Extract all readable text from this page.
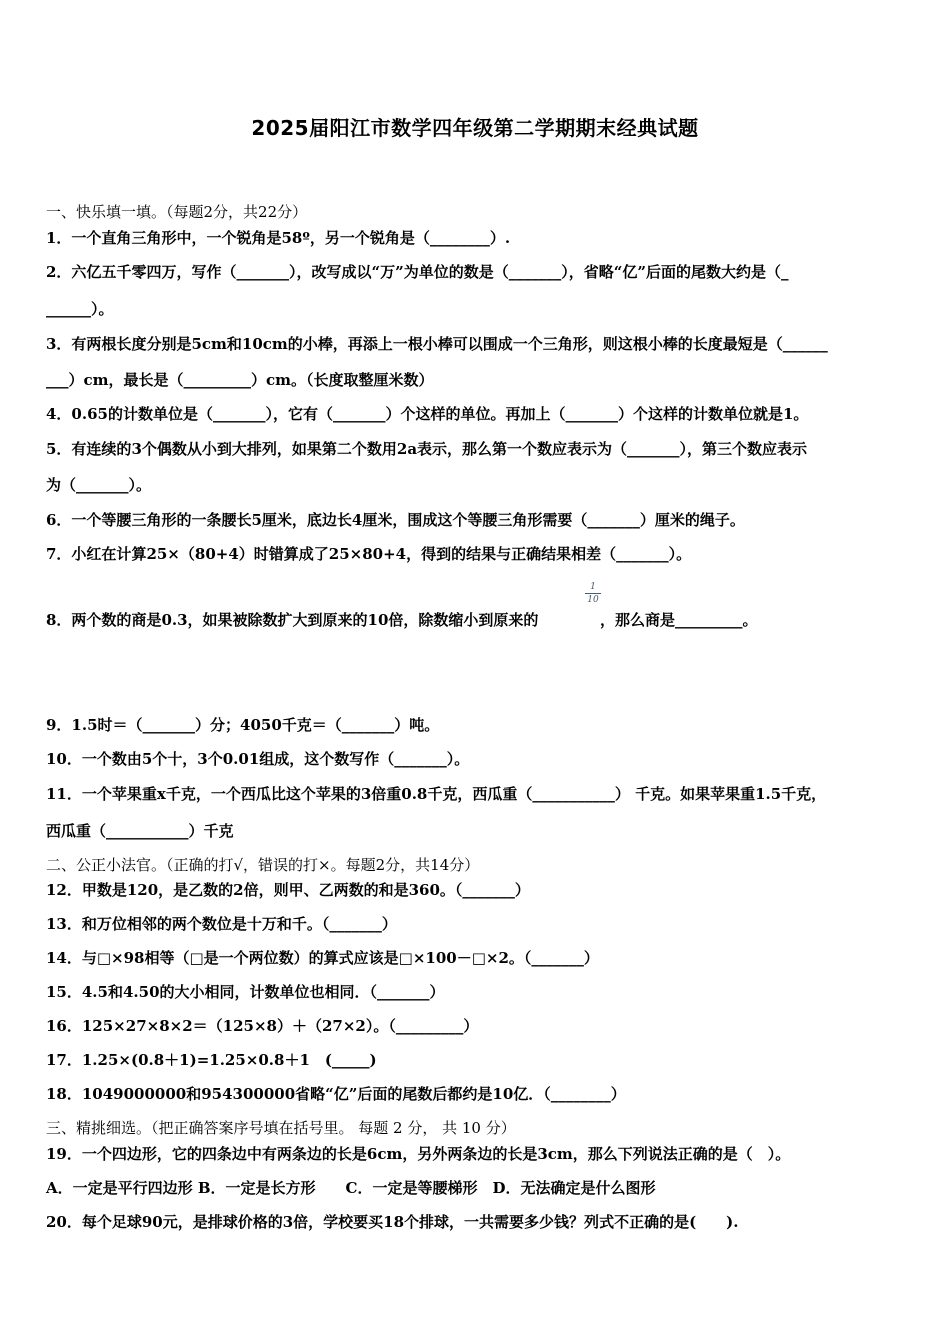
2025届阳江市数学四年级第二学期期末经典试题
一、快乐填一填。（每题2分，共22分）
1．一个直角三角形中，一个锐角是58º，另一个锐角是（________）.
2．六亿五千零四万，写作（_______），改写成以“万”为单位的数是（_______），省略“亿”后面的尾数大约是（_
______）。
3．有两根长度分别是5cm和10cm的小棒，再添上一根小棒可以围成一个三角形，则这根小棒的长度最短是（______
___）cm，最长是（_________）cm。（长度取整厘米数）
4．0.65的计数单位是（_______），它有（_______）个这样的单位。再加上（_______）个这样的计数单位就是1。
5．有连续的3个偶数从小到大排列，如果第二个数用2a表示，那么第一个数应表示为（_______），第三个数应表示
为（_______）。
6．一个等腰三角形的一条腰长5厘米，底边长4厘米，围成这个等腰三角形需要（_______）厘米的绳子。
7．小红在计算25×（80+4）时错算成了25×80+4，得到的结果与正确结果相差（_______）。
8．两个数的商是0.3，如果被除数扩大到原来的10倍，除数缩小到原来的
1
10
，那么商是_________。
9．1.5时＝（_______）分；4050千克＝（_______）吨。
10．一个数由5个十，3个0.01组成，这个数写作（_______）。
11．一个苹果重x千克，一个西瓜比这个苹果的3倍重0.8千克，西瓜重（___________） 千克。如果苹果重1.5千克，
西瓜重（___________）千克
二、公正小法官。（正确的打√，错误的打×。每题2分，共14分）
12．甲数是120，是乙数的2倍，则甲、乙两数的和是360。（_______）
13．和万位相邻的两个数位是十万和千。（_______）
14．与□×98相等（□是一个两位数）的算式应该是□×100－□×2。（_______）
15．4.5和4.50的大小相同，计数单位也相同．（_______）
16．125×27×8×2＝（125×8）＋（27×2）。（_________）
17．1.25×(0.8＋1)=1.25×0.8＋1　(_____)
18．1049000000和954300000省略“亿”后面的尾数后都约是10亿．（________）
三、精挑细选。（把正确答案序号填在括号里。 每题 2 分， 共 10 分）
19．一个四边形，它的四条边中有两条边的长是6cm，另外两条边的长是3cm，那么下列说法正确的是（　）。
A．一定是平行四边形 B．一定是长方形　　C．一定是等腰梯形　D．无法确定是什么图形
20．每个足球90元，是排球价格的3倍，学校要买18个排球，一共需要多少钱？列式不正确的是(　　).
